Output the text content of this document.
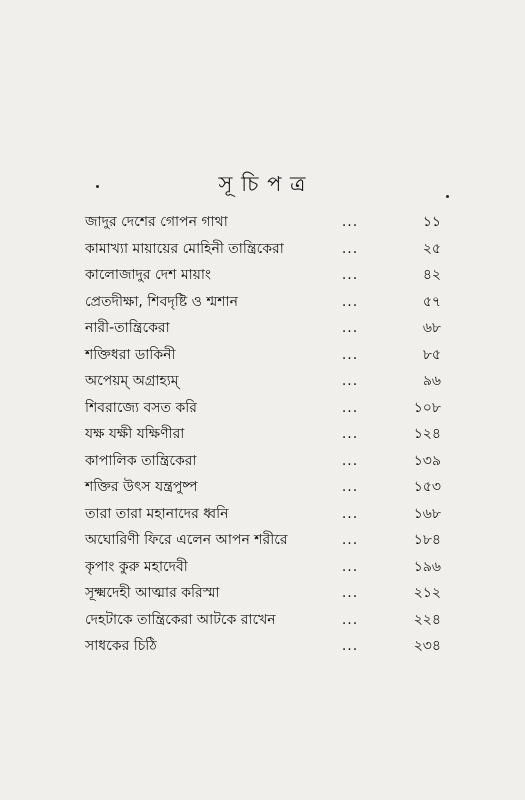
সূ চি প ত্র
জাদুর দেশের গোপন গাথা	...	১১
কামাখ্যা মায়ায়ের মোহিনী তান্ত্রিকেরা	...	২৫
কালোজাদুর দেশ মায়াং	...	৪২
প্রেতদীক্ষা, শিবদৃষ্টি ও শ্মশান	...	৫৭
নারী-তান্ত্রিকেরা	...	৬৮
শক্তিধরা ডাকিনী	...	৮৫
অপেয়ম্‌ অগ্রাহ্যম্‌	...	৯৬
শিবরাজ্যে বসত করি	...	১০৮
যক্ষ যক্ষী যক্ষিণীরা	...	১২৪
কাপালিক তান্ত্রিকেরা	...	১৩৯
শক্তির উৎস যন্ত্রপুষ্প	...	১৫৩
তারা তারা মহানাদের ধ্বনি	...	১৬৮
অঘোরিণী ফিরে এলেন আপন শরীরে	...	১৮৪
কৃপাং কুরু মহাদেবী	...	১৯৬
সূক্ষ্মদেহী আত্মার করিস্মা	...	২১২
দেহটাকে তান্ত্রিকেরা আটকে রাখেন	...	২২৪
সাধকের চিঠি	...	২৩৪
